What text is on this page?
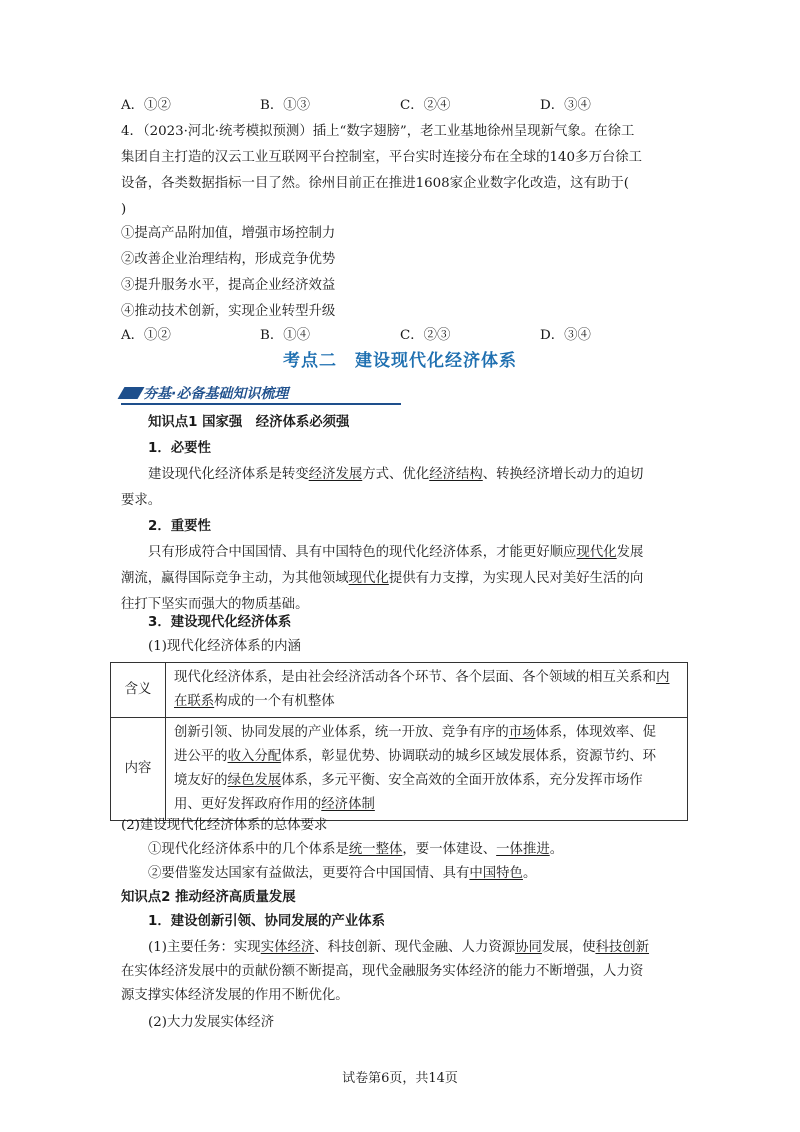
A．①②	B．①③	C．②④	D．③④
4．（2023·河北·统考模拟预测）插上“数字翅膀”，老工业基地徐州呈现新气象。在徐工
集团自主打造的汉云工业互联网平台控制室，平台实时连接分布在全球的140多万台徐工
设备，各类数据指标一目了然。徐州目前正在推进1608家企业数字化改造，这有助于(
)
①提高产品附加值，增强市场控制力
②改善企业治理结构，形成竞争优势
③提升服务水平，提高企业经济效益
④推动技术创新，实现企业转型升级
A．①②	B．①④	C．②③	D．③④
考点二　建设现代化经济体系
夯基·必备基础知识梳理
知识点1 国家强　经济体系必须强
1．必要性
建设现代化经济体系是转变经济发展方式、优化经济结构、转换经济增长动力的迫切
要求。
2．重要性
只有形成符合中国国情、具有中国特色的现代化经济体系，才能更好顺应现代化发展
潮流，赢得国际竞争主动，为其他领域现代化提供有力支撑，为实现人民对美好生活的向
往打下坚实而强大的物质基础。
3．建设现代化经济体系
(1)现代化经济体系的内涵
含义	现代化经济体系，是由社会经济活动各个环节、各个层面、各个领域的相互关系和内在联系构成的一个有机整体
内容	创新引领、协同发展的产业体系，统一开放、竞争有序的市场体系，体现效率、促
进公平的收入分配体系，彰显优势、协调联动的城乡区域发展体系，资源节约、环
境友好的绿色发展体系，多元平衡、安全高效的全面开放体系，充分发挥市场作
用、更好发挥政府作用的经济体制
(2)建设现代化经济体系的总体要求
①现代化经济体系中的几个体系是统一整体，要一体建设、一体推进。
②要借鉴发达国家有益做法，更要符合中国国情、具有中国特色。
知识点2 推动经济高质量发展
1．建设创新引领、协同发展的产业体系
(1)主要任务：实现实体经济、科技创新、现代金融、人力资源协同发展，使科技创新
在实体经济发展中的贡献份额不断提高，现代金融服务实体经济的能力不断增强，人力资
源支撑实体经济发展的作用不断优化。
(2)大力发展实体经济
试卷第6页，共14页
